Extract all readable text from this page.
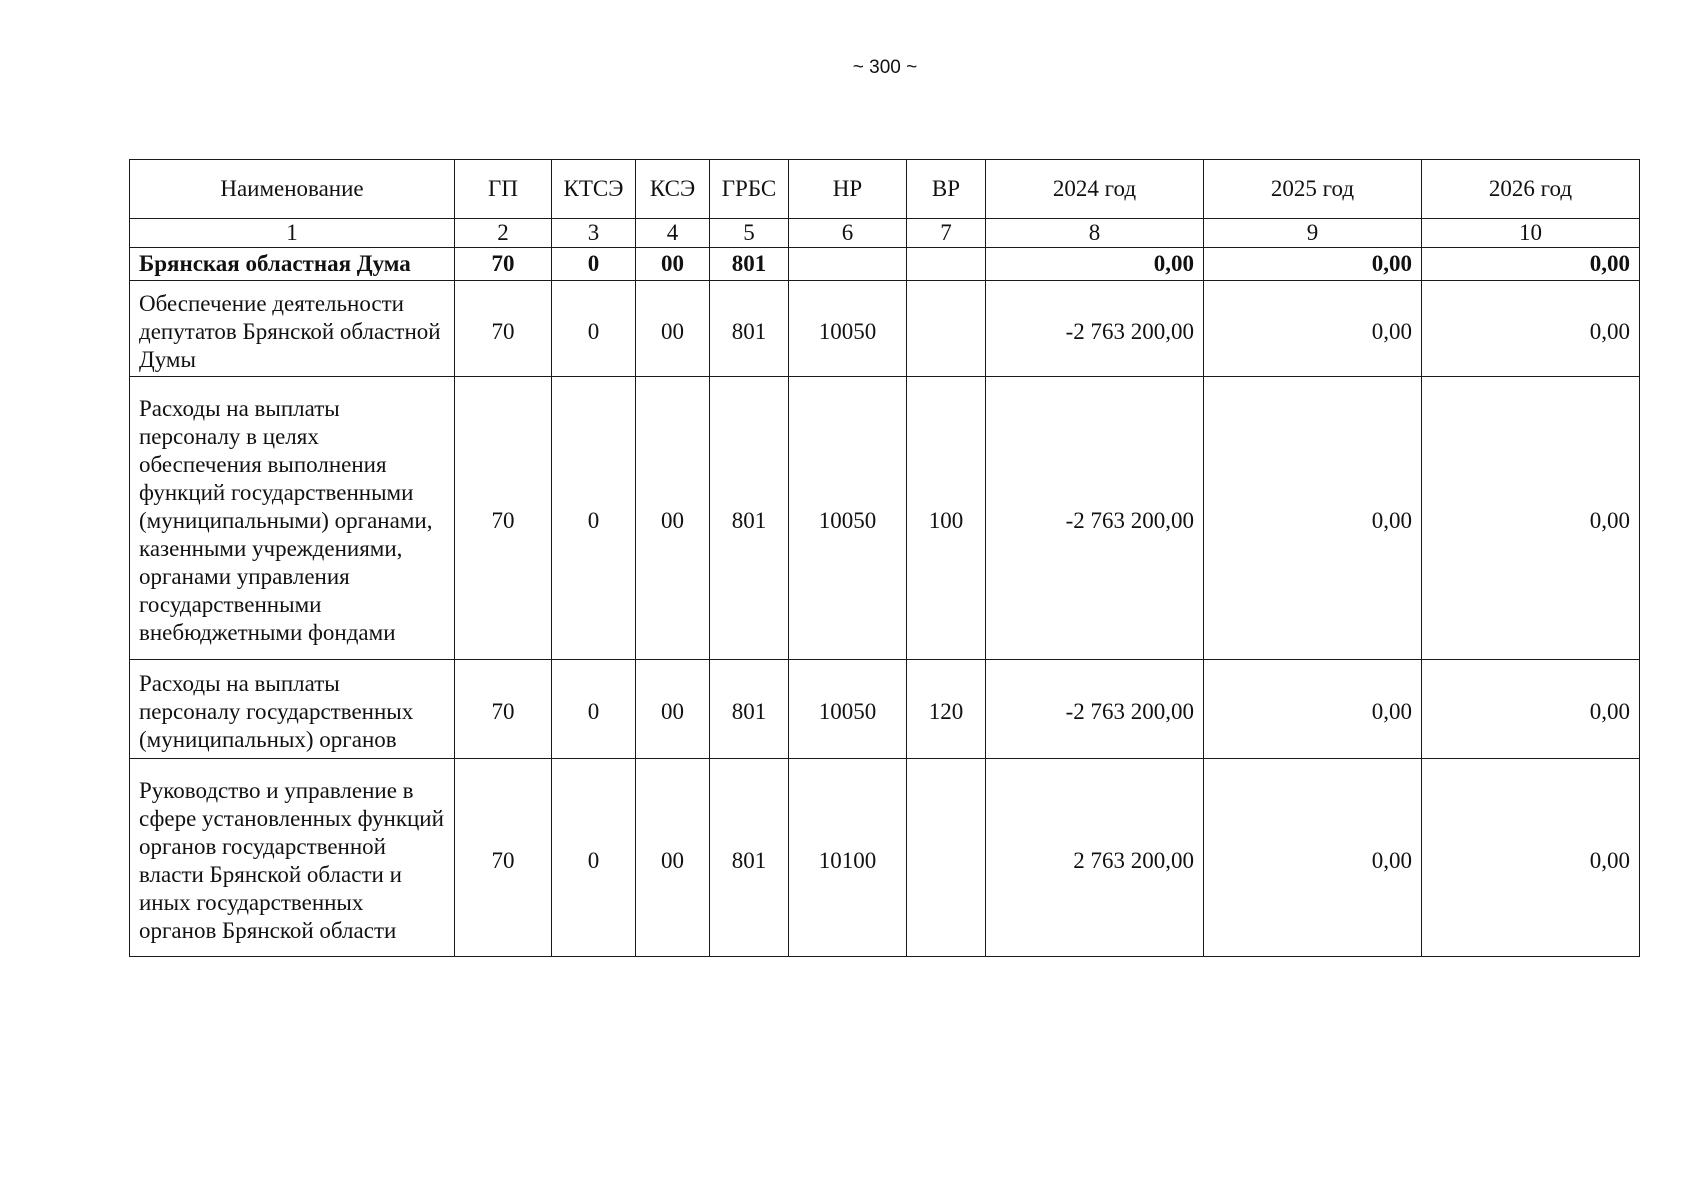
~ 300 ~
Наименование	ГП	КТСЭ	КСЭ	ГРБС	НР	ВР	2024 год	2025 год	2026 год
1	2	3	4	5	6	7	8	9	10
Брянская областная Дума	70	0	00	801			0,00	0,00	0,00
Обеспечение деятельности депутатов Брянской областной Думы	70	0	00	801	10050		-2 763 200,00	0,00	0,00
Расходы на выплаты персоналу в целях обеспечения выполнения функций государственными (муниципальными) органами, казенными учреждениями, органами управления государственными внебюджетными фондами	70	0	00	801	10050	100	-2 763 200,00	0,00	0,00
Расходы на выплаты персоналу государственных (муниципальных) органов	70	0	00	801	10050	120	-2 763 200,00	0,00	0,00
Руководство и управление в сфере установленных функций органов государственной власти Брянской области и иных государственных органов Брянской области	70	0	00	801	10100		2 763 200,00	0,00	0,00
